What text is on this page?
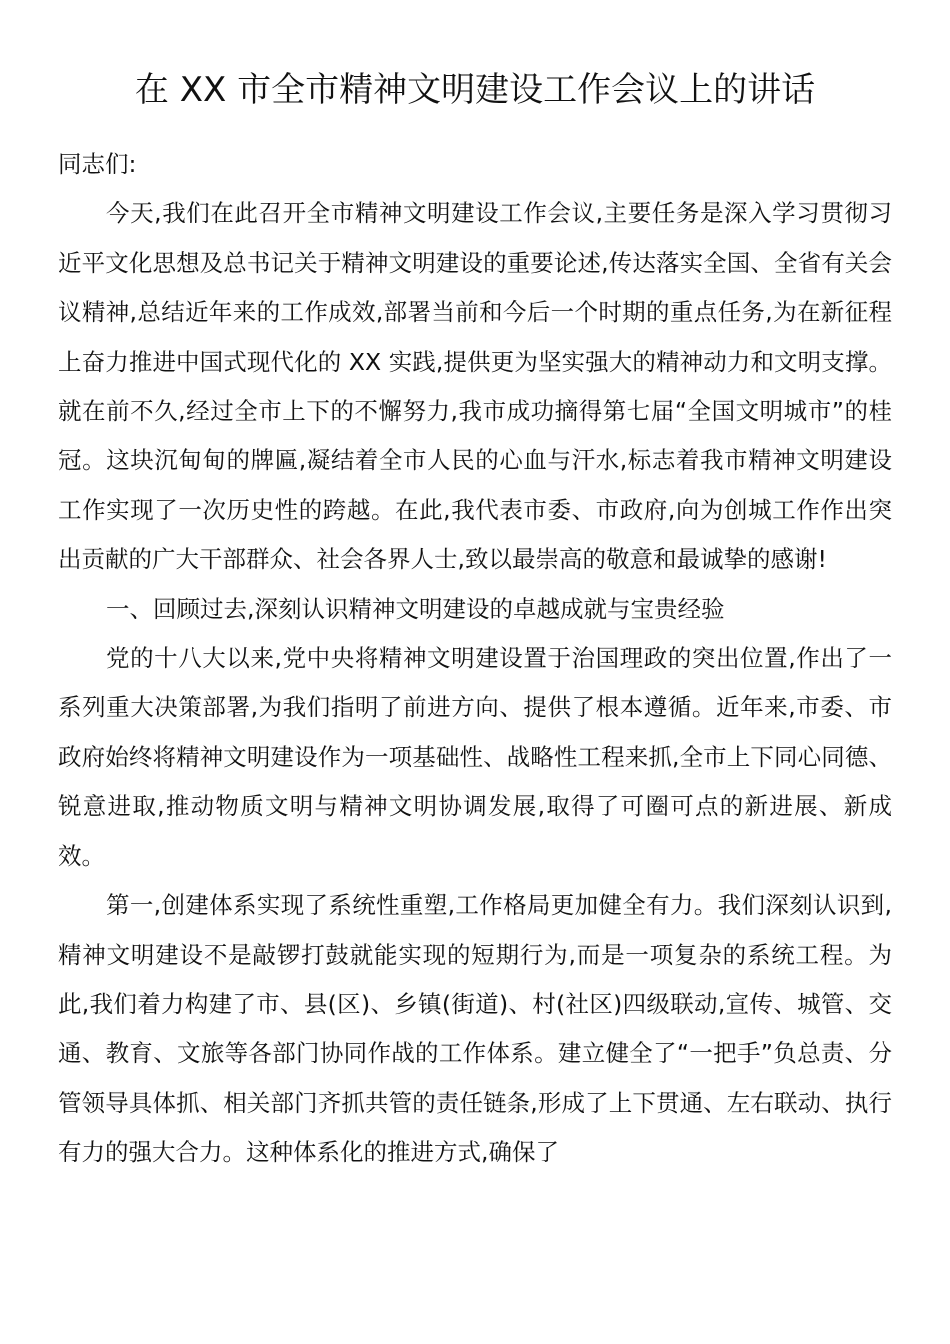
在 XX 市全市精神文明建设工作会议上的讲话

同志们:

今天,我们在此召开全市精神文明建设工作会议,主要任务是深入学习贯彻习近平文化思想及总书记关于精神文明建设的重要论述,传达落实全国、全省有关会议精神,总结近年来的工作成效,部署当前和今后一个时期的重点任务,为在新征程上奋力推进中国式现代化的 XX 实践,提供更为坚实强大的精神动力和文明支撑。就在前不久,经过全市上下的不懈努力,我市成功摘得第七届“全国文明城市”的桂冠。这块沉甸甸的牌匾,凝结着全市人民的心血与汗水,标志着我市精神文明建设工作实现了一次历史性的跨越。在此,我代表市委、市政府,向为创城工作作出突出贡献的广大干部群众、社会各界人士,致以最崇高的敬意和最诚挚的感谢!

一、回顾过去,深刻认识精神文明建设的卓越成就与宝贵经验

党的十八大以来,党中央将精神文明建设置于治国理政的突出位置,作出了一系列重大决策部署,为我们指明了前进方向、提供了根本遵循。近年来,市委、市政府始终将精神文明建设作为一项基础性、战略性工程来抓,全市上下同心同德、锐意进取,推动物质文明与精神文明协调发展,取得了可圈可点的新进展、新成效。

第一,创建体系实现了系统性重塑,工作格局更加健全有力。我们深刻认识到,精神文明建设不是敲锣打鼓就能实现的短期行为,而是一项复杂的系统工程。为此,我们着力构建了市、县(区)、乡镇(街道)、村(社区)四级联动,宣传、城管、交通、教育、文旅等各部门协同作战的工作体系。建立健全了“一把手”负总责、分管领导具体抓、相关部门齐抓共管的责任链条,形成了上下贯通、左右联动、执行有力的强大合力。这种体系化的推进方式,确保了
